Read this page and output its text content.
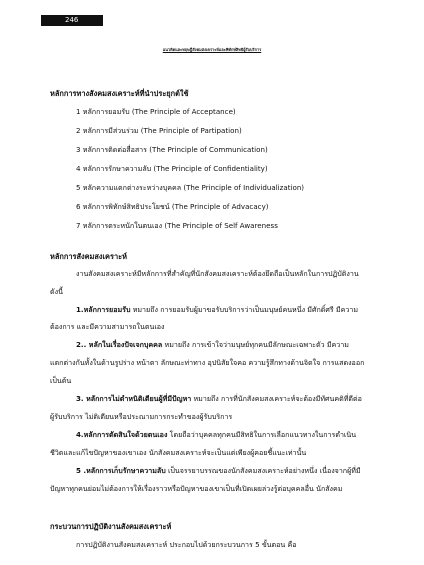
246
แนวคิดและทฤษฎีสังคมสงเคราะห์และพิทักษ์สิทธิผู้รับบริการ
หลักการทางสังคมสงเคราะห์ที่นำประยุกต์ใช้
1 หลักการยอมรับ (The Principle of Acceptance)
2 หลักการมีส่วนร่วม (The Principle of Partipation)
3 หลักการติดต่อสื่อสาร (The Principle of Communication)
4 หลักการรักษาความลับ (The Principle of Confidentiality)
5 หลักความแตกต่างระหว่างบุคคล (The Principle of Individualization)
6 หลักการพิทักษ์สิทธิประโยชน์ (The Principle of Advacacy)
7 หลักการตระหนักในตนเอง (The Principle of Self Awareness
หลักการสังคมสงเคราะห์
งานสังคมสงเคราะห์มีหลักการที่สำคัญที่นักสังคมสงเคราะห์ต้องยึดถือเป็นหลักในการปฏิบัติงาน
ดังนี้
1.หลักการยอมรับ หมายถึง การยอมรับผู้มาขอรับบริการว่าเป็นมนุษย์คนหนึ่ง มีศักดิ์ศรี มีความ
ต้องการ และมีความสามารถในตนเอง
2.. หลักในเรื่องปัจเจกบุคคล หมายถึง การเข้าใจว่ามนุษย์ทุกคนมีลักษณะเฉพาะตัว มีความ
แตกต่างกันทั้งในด้านรูปร่าง หน้าตา ลักษณะท่าทาง อุปนิสัยใจคอ ความรู้สึกทางด้านจิตใจ การแสดงออก
เป็นต้น
3. หลักการไม่ตำหนิติเตียนผู้ที่มีปัญหา หมายถึง การที่นักสังคมสงเคราะห์จะต้องมีทัศนคติที่ดีต่อ
ผู้รับบริการ ไม่ติเตียนหรือประณามการกระทำของผู้รับบริการ
4.หลักการตัดสินใจด้วยตนเอง โดยถือว่าบุคคลทุกคนมีสิทธิในการเลือกแนวทางในการดำเนิน
ชีวิตและแก้ไขปัญหาของเขาเอง นักสังคมสงเคราะห์จะเป็นแต่เพียงผู้คอยชี้แนะเท่านั้น
5 .หลักการเก็บรักษาความลับ เป็นจรรยาบรรณของนักสังคมสงเคราะห์อย่างหนึ่ง เนื่องจากผู้ที่มี
ปัญหาทุกคนย่อมไม่ต้องการให้เรื่องราวหรือปัญหาของเขาเป็นที่เปิดเผยล่วงรู้ต่อบุคคลอื่น นักสังคม
กระบวนการปฏิบัติงานสังคมสงเคราะห์
การปฏิบัติงานสังคมสงเคราะห์ ประกอบไปด้วยกระบวนการ 5 ขั้นตอน คือ
